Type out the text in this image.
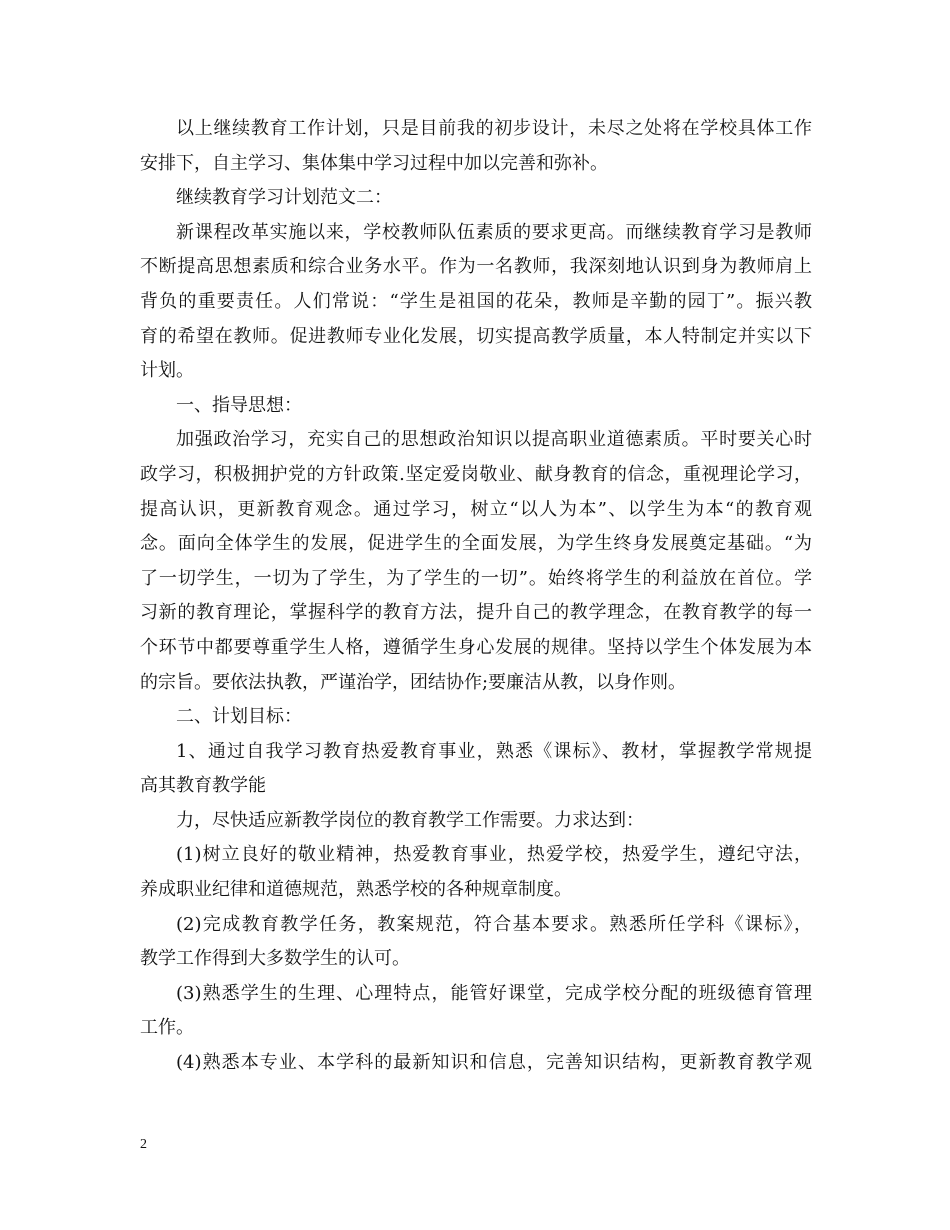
以上继续教育工作计划，只是目前我的初步设计，未尽之处将在学校具体工作
安排下，自主学习、集体集中学习过程中加以完善和弥补。
继续教育学习计划范文二：
新课程改革实施以来，学校教师队伍素质的要求更高。而继续教育学习是教师
不断提高思想素质和综合业务水平。作为一名教师，我深刻地认识到身为教师肩上
背负的重要责任。人们常说：“学生是祖国的花朵，教师是辛勤的园丁”。振兴教
育的希望在教师。促进教师专业化发展，切实提高教学质量，本人特制定并实以下
计划。
一、指导思想：
加强政治学习，充实自己的思想政治知识以提高职业道德素质。平时要关心时
政学习，积极拥护党的方针政策.坚定爱岗敬业、献身教育的信念，重视理论学习，
提高认识，更新教育观念。通过学习，树立“以人为本”、以学生为本“的教育观
念。面向全体学生的发展，促进学生的全面发展，为学生终身发展奠定基础。“为
了一切学生，一切为了学生，为了学生的一切”。始终将学生的利益放在首位。学
习新的教育理论，掌握科学的教育方法，提升自己的教学理念，在教育教学的每一
个环节中都要尊重学生人格，遵循学生身心发展的规律。坚持以学生个体发展为本
的宗旨。要依法执教，严谨治学，团结协作;要廉洁从教，以身作则。
二、计划目标：
1、通过自我学习教育热爱教育事业，熟悉《课标》、教材，掌握教学常规提
高其教育教学能
力，尽快适应新教学岗位的教育教学工作需要。力求达到：
(1)树立良好的敬业精神，热爱教育事业，热爱学校，热爱学生，遵纪守法，
养成职业纪律和道德规范，熟悉学校的各种规章制度。
(2)完成教育教学任务，教案规范，符合基本要求。熟悉所任学科《课标》，
教学工作得到大多数学生的认可。
(3)熟悉学生的生理、心理特点，能管好课堂，完成学校分配的班级德育管理
工作。
(4)熟悉本专业、本学科的最新知识和信息，完善知识结构，更新教育教学观
2
